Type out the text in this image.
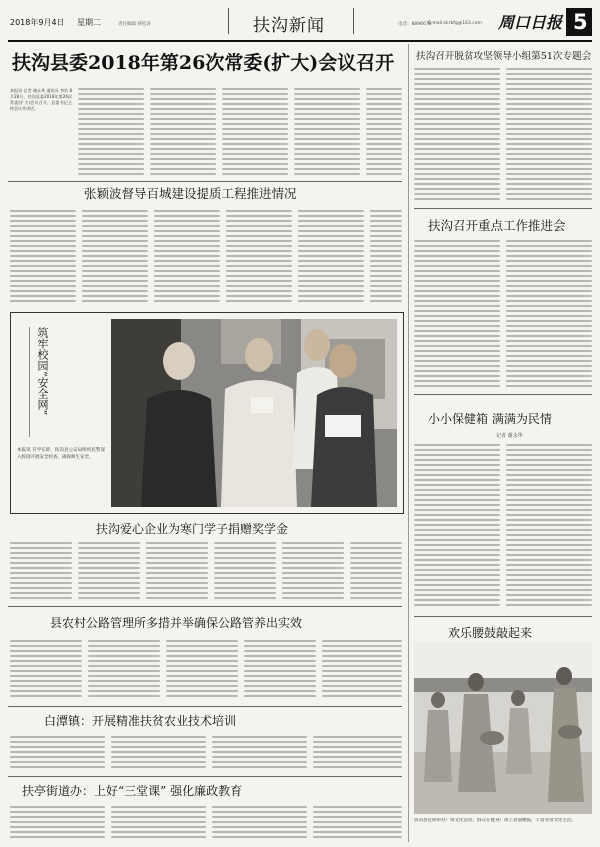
2018年9月4日 星期二	责任编辑 韩松涛	扶沟新闻	电话：8896678
E-mail:zkrbfg@163.com 周口日报 5
扶沟县委2018年第26次常委(扩大)会议召开
本报讯 记者 谢永华 通讯员 李浩 8月28日，扶沟县委2018年第26次常委(扩大)会议召开，县委书记主持会议并讲话。
张颖波督导百城建设提质工程推进情况
筑牢校园“安全网”
本报讯 开学在即，扶沟县公安局组织民警深入校园开展安全检查，确保师生安全。
扶沟爱心企业为寒门学子捐赠奖学金
县农村公路管理所多措并举确保公路管养出实效
白潭镇：开展精准扶贫农业技术培训
扶亭街道办：上好“三堂课” 强化廉政教育
扶沟召开脱贫攻坚领导小组第51次专题会
扶沟召开重点工作推进会
小小保健箱 满满为民情
记者 谢永华
欢乐腰鼓敲起来
扶沟县近期举办广场文化活动，群众在健身广场上表演腰鼓，丰富业余文化生活。
